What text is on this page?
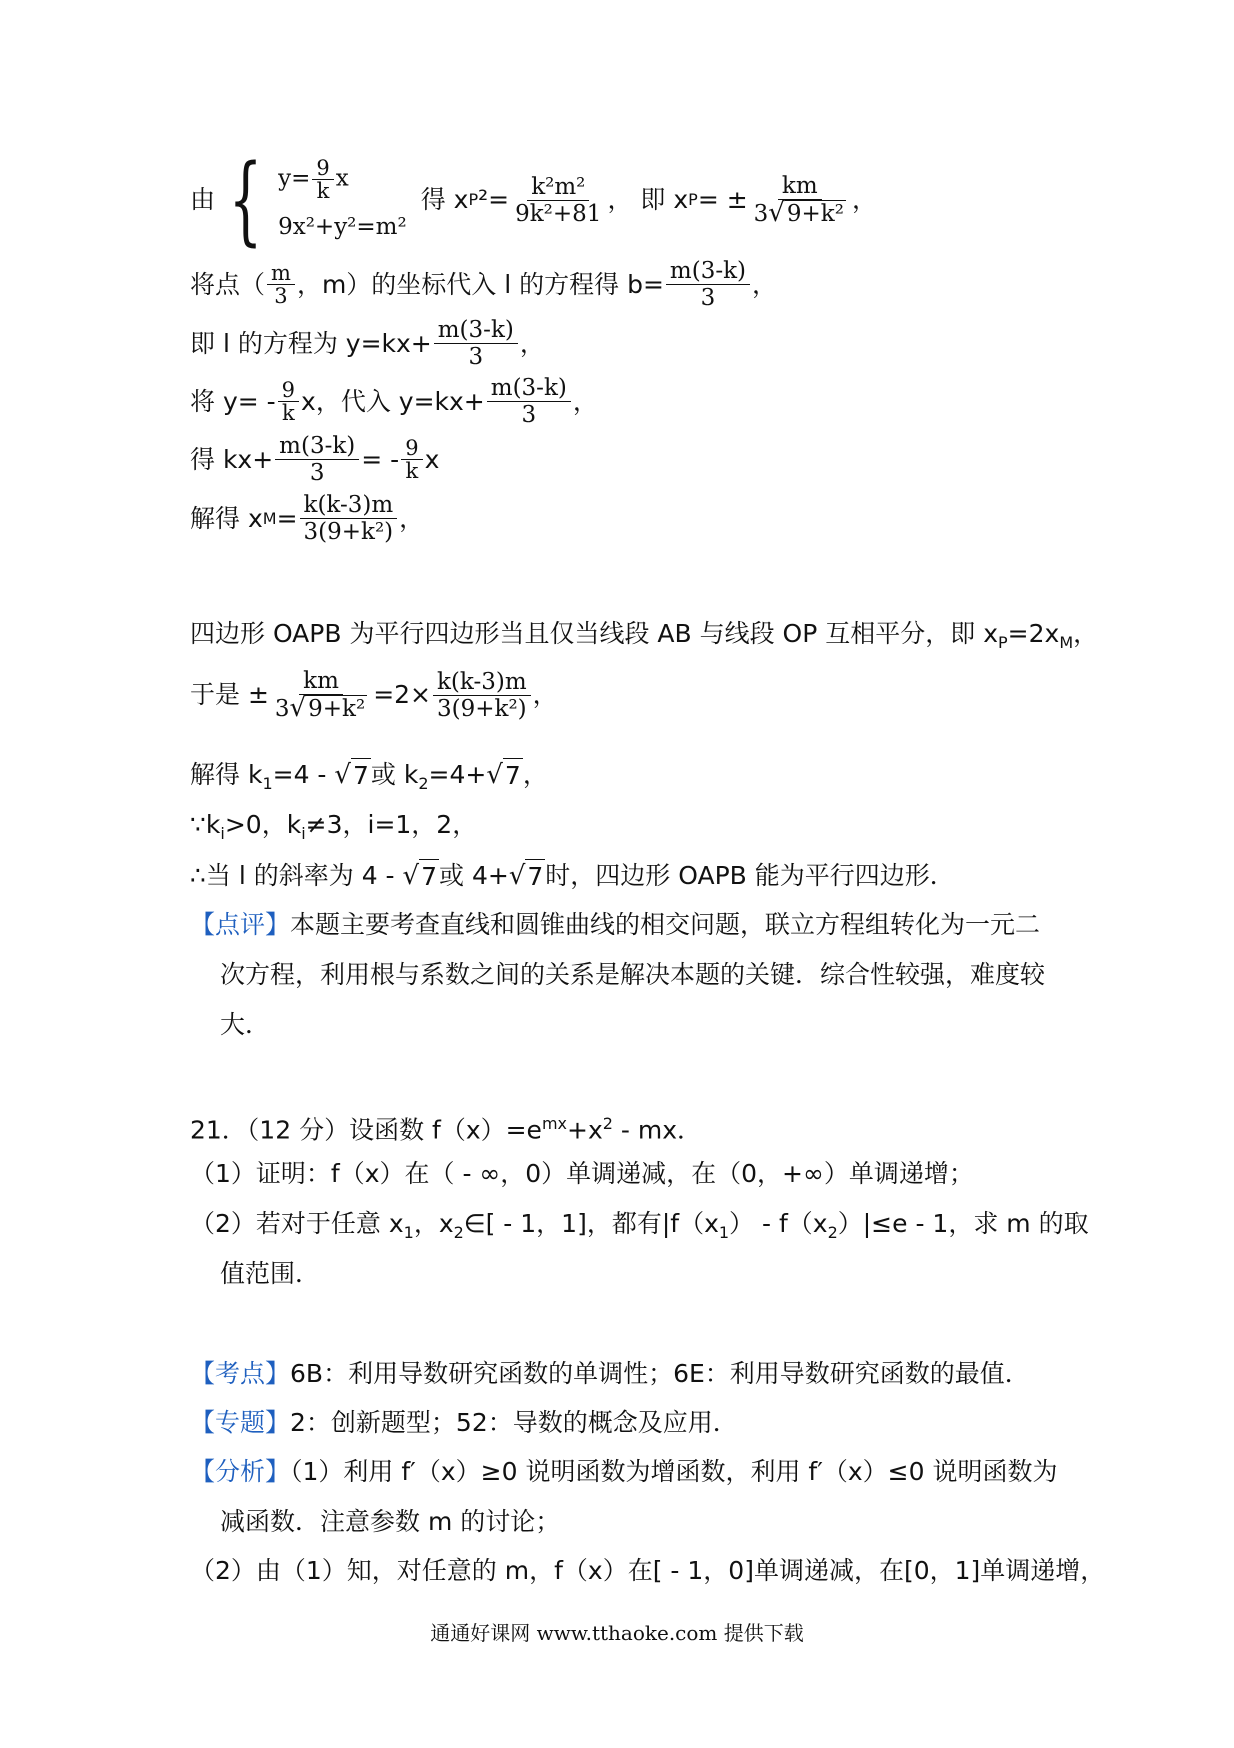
由 { $y= \frac{9}{k}$ x
9x²+y²=m²
得 x P $^2= \frac{\text{k²m²}}{\text{9k²+81}}$ ， 即 x P = ± $\frac{km}{\text{3 √ 9+k²}}$ ，
将点（ $\frac{m}{3}$ ，m）的坐标代入 l 的方程得 $b= \frac{m(3-k)}{3}$ ，
即 l 的方程为 $y=kx+ \frac{m(3-k)}{3}$ ，
将 $y= - \frac{9}{k}$ x，代入 $y=kx+ \frac{m(3-k)}{3}$ ，
得 $kx+ \frac{m(3-k)}{3}$ = - $\frac{9}{k}$ x
解得 x $M = \frac{k(k-3)m}{\text{3(9+k²)}}$ ，
四边形 OAPB 为平行四边形当且仅当线段 AB 与线段 OP 互相平分，即 $x_P=2x_M$，
于是 ± $\frac{km}{\text{3 √ 9+k²}} =2\times \frac{k(k-3)m}{\text{3(9+k²)}}$ ，
解得 $k_1=4$ - √ 7 或 $k_2=4+$ √ 7 ，
$\because k_i>0$，$k_i\ne 3$，i=1，2，
∴当 l 的斜率为 4 - √ 7 或 4+ √ 7 时，四边形 OAPB 能为平行四边形．
【点评】本题主要考查直线和圆锥曲线的相交问题，联立方程组转化为一元二
次方程，利用根与系数之间的关系是解决本题的关键．综合性较强，难度较
大．
21．（12 分）设函数 $f(x)=e^{mx}+x^2$ - mx．
（1）证明：f（x）在（ - ∞，0）单调递减，在（0，+∞）单调递增；
（2）若对于任意 $x_1$，$x_2\in[ - 1$，1]，都有$|f(x_1) - f(x_2)|\le e - 1$，求 m 的取
值范围．
【考点】6B：利用导数研究函数的单调性；6E：利用导数研究函数的最值．
【专题】2：创新题型；52：导数的概念及应用．
【分析】（1）利用 f′（x）≥0 说明函数为增函数，利用 f′（x）≤0 说明函数为
减函数．注意参数 m 的讨论；
（2）由（1）知，对任意的 m，f（x）在[ - 1，0]单调递减，在[0，1]单调递增，
通通好课网 www.tthaoke.com 提供下载
